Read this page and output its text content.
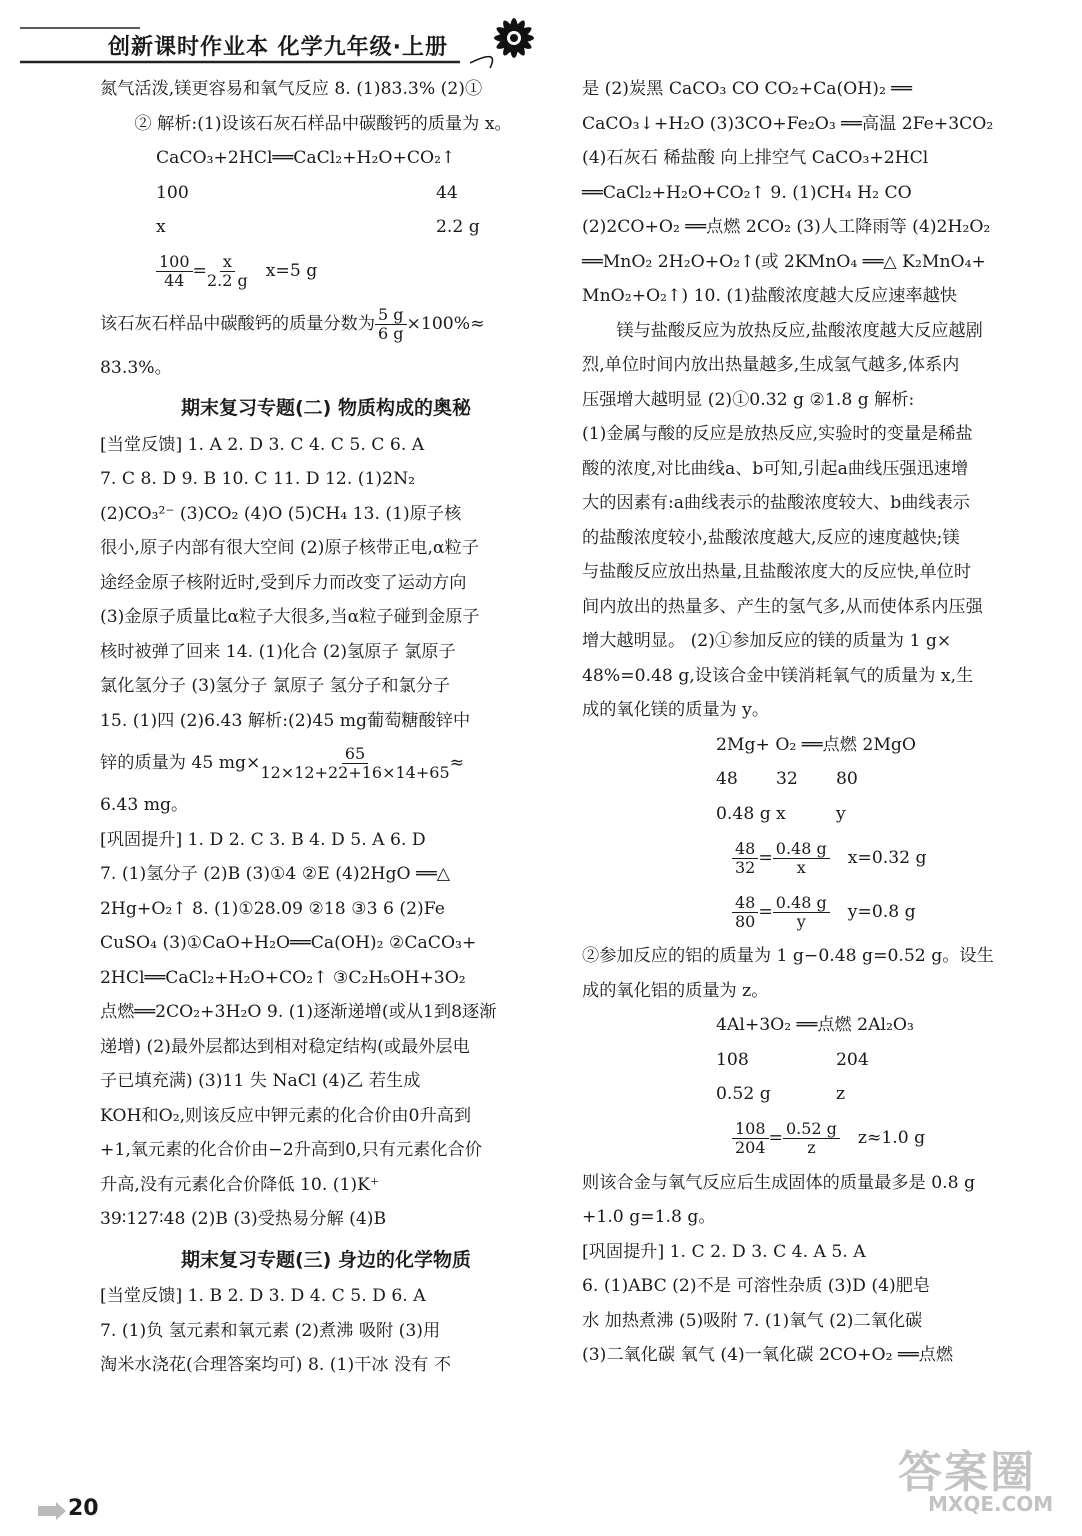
创新课时作业本 化学九年级·上册

氮气活泼,镁更容易和氧气反应 8. (1)83.3% (2)①

② 解析:(1)设该石灰石样品中碳酸钙的质量为 x。

CaCO₃+2HCl══CaCl₂+H₂O+CO₂↑

100	44
x	2.2 g
$\frac{100}{44} = \frac{x}{2.2 g} x=5$ g

该石灰石样品中碳酸钙的质量分数为 $\frac{5 g}{6 g} \times 100\%\approx$

83.3%。

期末复习专题(二) 物质构成的奥秘

[当堂反馈] 1. A 2. D 3. C 4. C 5. C 6. A

7. C 8. D 9. B 10. C 11. D 12. (1)2N₂

(2)CO₃²⁻ (3)CO₂ (4)O (5)CH₄ 13. (1)原子核

很小,原子内部有很大空间 (2)原子核带正电,α粒子

途经金原子核附近时,受到斥力而改变了运动方向

(3)金原子质量比α粒子大很多,当α粒子碰到金原子

核时被弹了回来 14. (1)化合 (2)氢原子 氯原子

氯化氢分子 (3)氢分子 氯原子 氢分子和氯分子

15. (1)四 (2)6.43 解析:(2)45 mg葡萄糖酸锌中

锌的质量为 45 $mg\times \frac{65}{12\times 12+22+16\times 14+65}$ ≈

6.43 mg。

[巩固提升] 1. D 2. C 3. B 4. D 5. A 6. D

7. (1)氢分子 (2)B (3)①4 ②E (4)2HgO ══△

2Hg+O₂↑ 8. (1)①28.09 ②18 ③3 6 (2)Fe

CuSO₄ (3)①CaO+H₂O══Ca(OH)₂ ②CaCO₃+

2HCl══CaCl₂+H₂O+CO₂↑ ③C₂H₅OH+3O₂

点燃══2CO₂+3H₂O 9. (1)逐渐递增(或从1到8逐渐

递增) (2)最外层都达到相对稳定结构(或最外层电

子已填充满) (3)11 失 NaCl (4)乙 若生成

KOH和O₂,则该反应中钾元素的化合价由0升高到

+1,氧元素的化合价由−2升高到0,只有元素化合价

升高,没有元素化合价降低 10. (1)K⁺

39∶127∶48 (2)B (3)受热易分解 (4)B

期末复习专题(三) 身边的化学物质

[当堂反馈] 1. B 2. D 3. D 4. C 5. D 6. A

7. (1)负 氢元素和氧元素 (2)煮沸 吸附 (3)用

淘米水浇花(合理答案均可) 8. (1)干冰 没有 不

是 (2)炭黑 CaCO₃ CO CO₂+Ca(OH)₂ ══

CaCO₃↓+H₂O (3)3CO+Fe₂O₃ ══高温 2Fe+3CO₂

(4)石灰石 稀盐酸 向上排空气 CaCO₃+2HCl

══CaCl₂+H₂O+CO₂↑ 9. (1)CH₄ H₂ CO

(2)2CO+O₂ ══点燃 2CO₂ (3)人工降雨等 (4)2H₂O₂

══MnO₂ 2H₂O+O₂↑(或 2KMnO₄ ══△ K₂MnO₄+

MnO₂+O₂↑) 10. (1)盐酸浓度越大反应速率越快

镁与盐酸反应为放热反应,盐酸浓度越大反应越剧

烈,单位时间内放出热量越多,生成氢气越多,体系内

压强增大越明显 (2)①0.32 g ②1.8 g 解析:

(1)金属与酸的反应是放热反应,实验时的变量是稀盐

酸的浓度,对比曲线a、b可知,引起a曲线压强迅速增

大的因素有:a曲线表示的盐酸浓度较大、b曲线表示

的盐酸浓度较小,盐酸浓度越大,反应的速度越快;镁

与盐酸反应放出热量,且盐酸浓度大的反应快,单位时

间内放出的热量多、产生的氢气多,从而使体系内压强

增大越明显。 (2)①参加反应的镁的质量为 1 g×

48%=0.48 g,设该合金中镁消耗氧气的质量为 x,生

成的氧化镁的质量为 y。

2Mg+ O₂ ══点燃 2MgO

48	32	80
0.48 g x	y
$\frac{48}{32} = \frac{0.48 g}{x} x=0.32$ g
$\frac{48}{80} = \frac{0.48 g}{y} y=0.8$ g

②参加反应的铝的质量为 1 g−0.48 g=0.52 g。设生

成的氧化铝的质量为 z。

4Al+3O₂ ══点燃 2Al₂O₃

108	204
0.52 g	z
$\frac{108}{204} = \frac{0.52 g}{z} z\approx 1.0$ g

则该合金与氧气反应后生成固体的质量最多是 0.8 g

+1.0 g=1.8 g。

[巩固提升] 1. C 2. D 3. C 4. A 5. A

6. (1)ABC (2)不是 可溶性杂质 (3)D (4)肥皂

水 加热煮沸 (5)吸附 7. (1)氧气 (2)二氧化碳

(3)二氧化碳 氧气 (4)一氧化碳 2CO+O₂ ══点燃

20
答案圈
MXQE.COM
